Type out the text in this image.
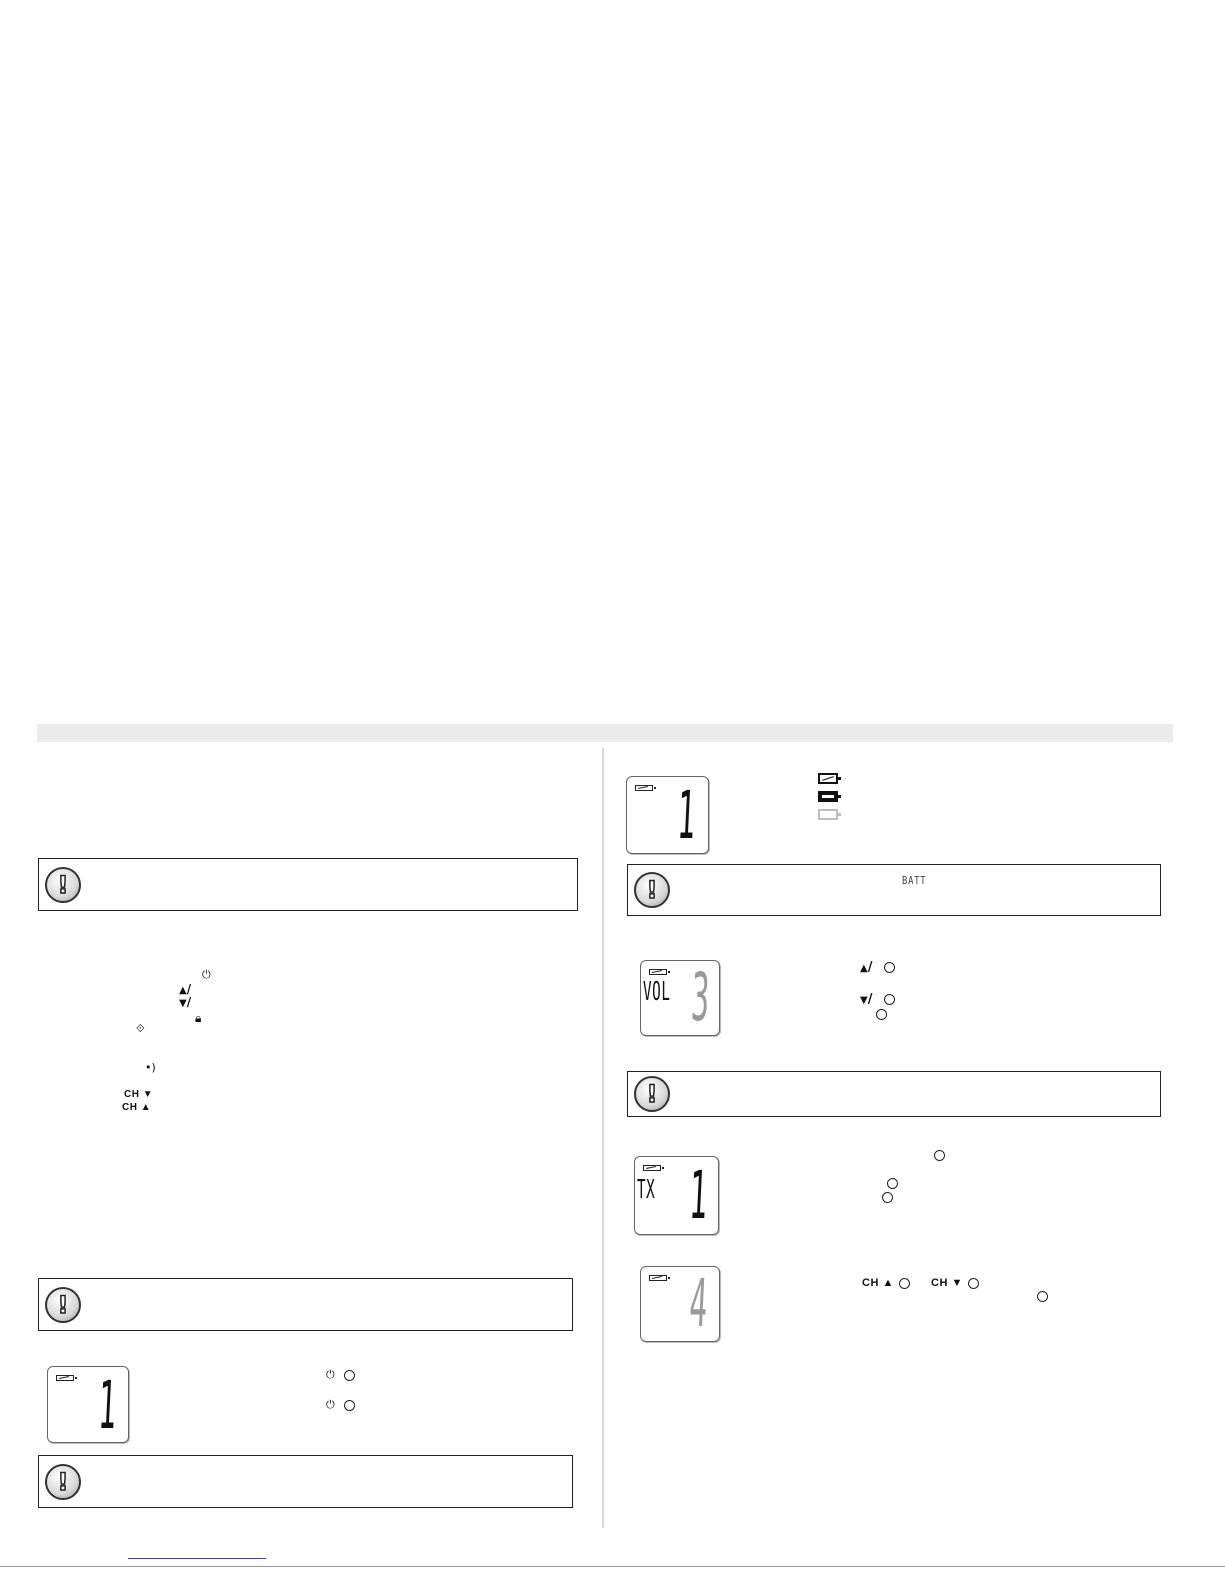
!
⏻
▲/
▼/
🔒︎
⟐
•)
CH ▼
CH ▲
!
1	⏻
⏻
!
1
!	BATT
VOL 3	▲/
▼/
!
TX 1
4	CH ▲	CH ▼
